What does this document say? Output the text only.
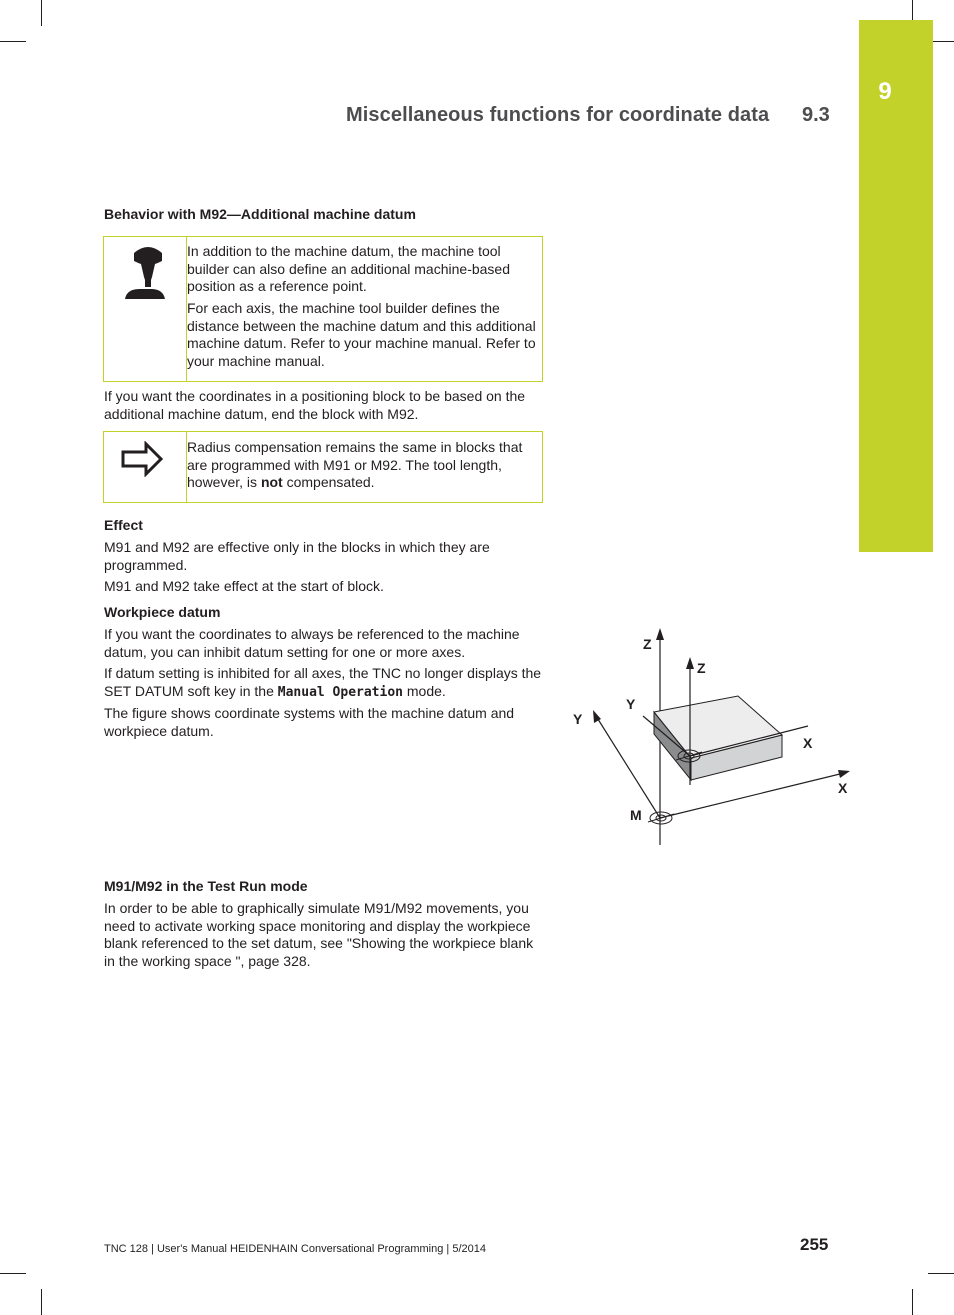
9
Miscellaneous functions for coordinate data 9.3
Behavior with M92—Additional machine datum

In addition to the machine datum, the machine tool builder can also define an additional machine-based position as a reference point.

For each axis, the machine tool builder defines the distance between the machine datum and this additional machine datum. Refer to your machine manual. Refer to your machine manual.

If you want the coordinates in a positioning block to be based on the additional machine datum, end the block with M92.

Radius compensation remains the same in blocks that are programmed with M91 or M92. The tool length, however, is not compensated.

Effect

M91 and M92 are effective only in the blocks in which they are programmed.

M91 and M92 take effect at the start of block.

Workpiece datum

If you want the coordinates to always be referenced to the machine datum, you can inhibit datum setting for one or more axes.

If datum setting is inhibited for all axes, the TNC no longer displays the SET DATUM soft key in the Manual Operation mode.

The figure shows coordinate systems with the machine datum and workpiece datum.

Z
Z
Y
Y
X
X
M
M91/M92 in the Test Run mode

In order to be able to graphically simulate M91/M92 movements, you need to activate working space monitoring and display the workpiece blank referenced to the set datum, see "Showing the workpiece blank in the working space ", page 328.

TNC 128 | User's Manual HEIDENHAIN Conversational Programming | 5/2014	255
